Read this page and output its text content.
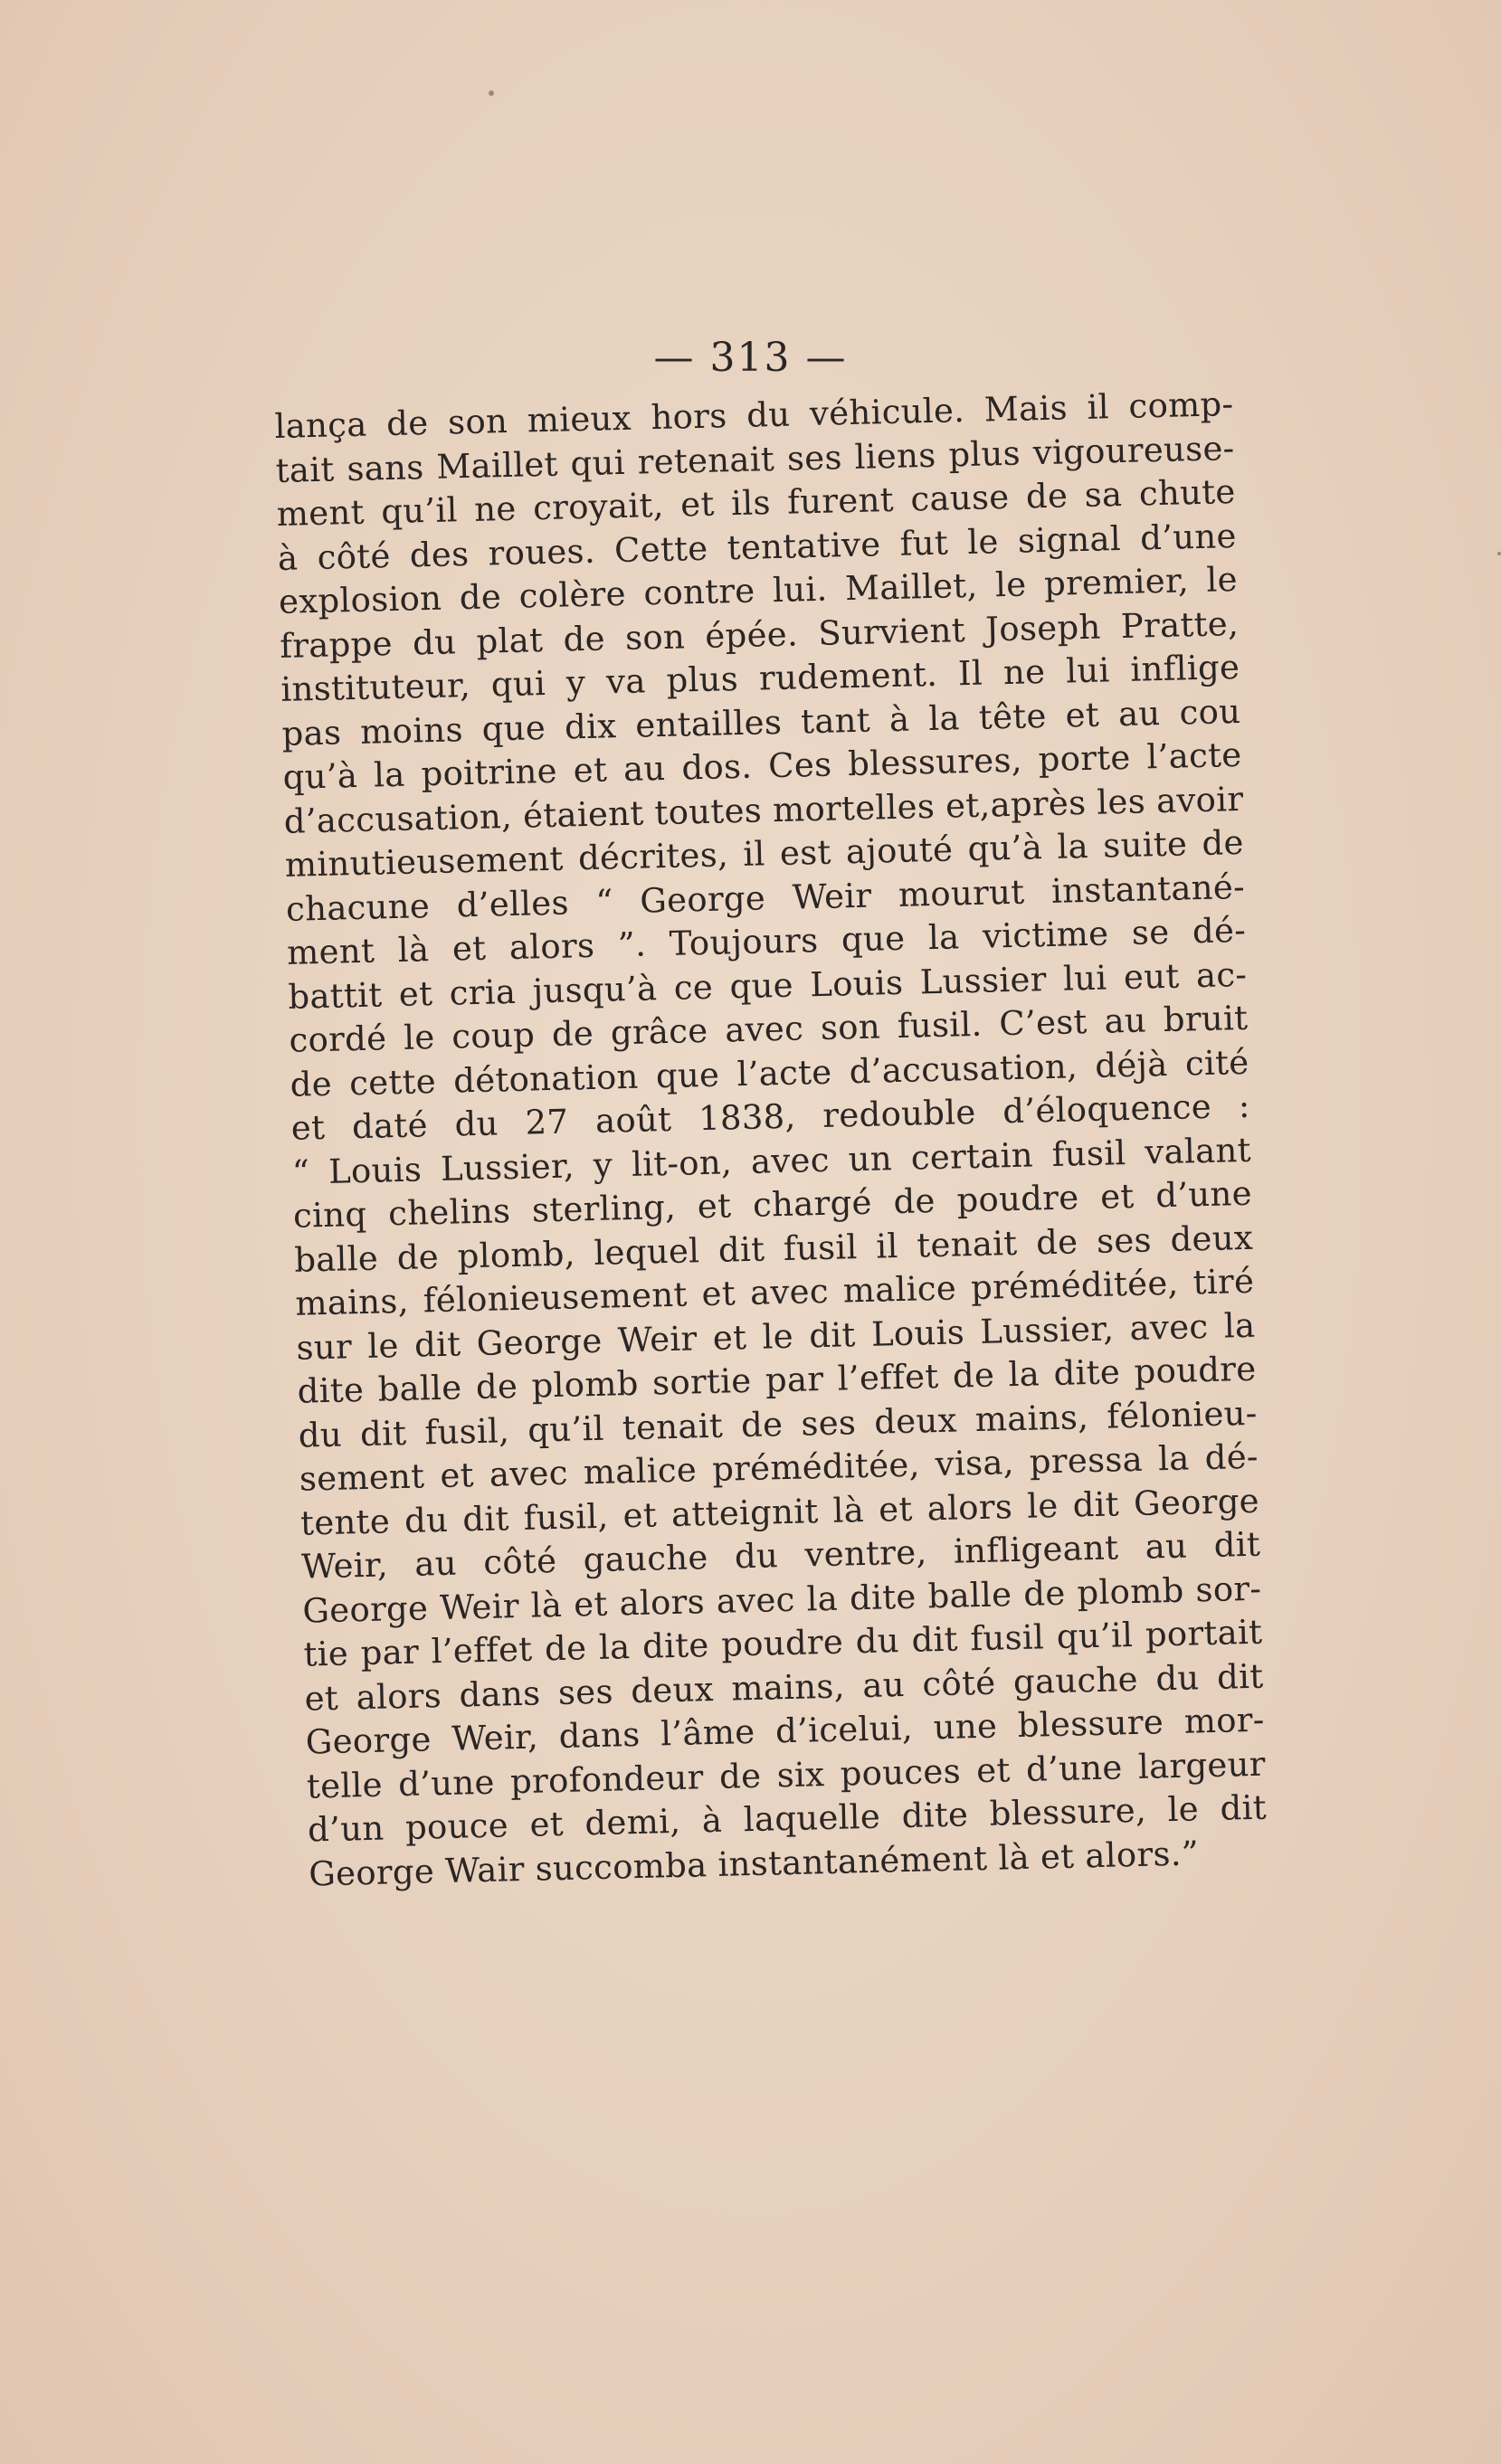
— 313 —
lança de son mieux hors du véhicule. Mais il comp-
tait sans Maillet qui retenait ses liens plus vigoureuse-
ment qu’il ne croyait, et ils furent cause de sa chute
à côté des roues. Cette tentative fut le signal d’une
explosion de colère contre lui. Maillet, le premier, le
frappe du plat de son épée. Survient Joseph Pratte,
instituteur, qui y va plus rudement. Il ne lui inflige
pas moins que dix entailles tant à la tête et au cou
qu’à la poitrine et au dos. Ces blessures, porte l’acte
d’accusation, étaient toutes mortelles et,après les avoir
minutieusement décrites, il est ajouté qu’à la suite de
chacune d’elles “ George Weir mourut instantané-
ment là et alors ”. Toujours que la victime se dé-
battit et cria jusqu’à ce que Louis Lussier lui eut ac-
cordé le coup de grâce avec son fusil. C’est au bruit
de cette détonation que l’acte d’accusation, déjà cité
et daté du 27 août 1838, redouble d’éloquence :
“ Louis Lussier, y lit-on, avec un certain fusil valant
cinq chelins sterling, et chargé de poudre et d’une
balle de plomb, lequel dit fusil il tenait de ses deux
mains, félonieusement et avec malice préméditée, tiré
sur le dit George Weir et le dit Louis Lussier, avec la
dite balle de plomb sortie par l’effet de la dite poudre
du dit fusil, qu’il tenait de ses deux mains, félonieu-
sement et avec malice préméditée, visa, pressa la dé-
tente du dit fusil, et atteignit là et alors le dit George
Weir, au côté gauche du ventre, infligeant au dit
George Weir là et alors avec la dite balle de plomb sor-
tie par l’effet de la dite poudre du dit fusil qu’il portait
et alors dans ses deux mains, au côté gauche du dit
George Weir, dans l’âme d’icelui, une blessure mor-
telle d’une profondeur de six pouces et d’une largeur
d’un pouce et demi, à laquelle dite blessure, le dit
George Wair succomba instantanément là et alors.”
